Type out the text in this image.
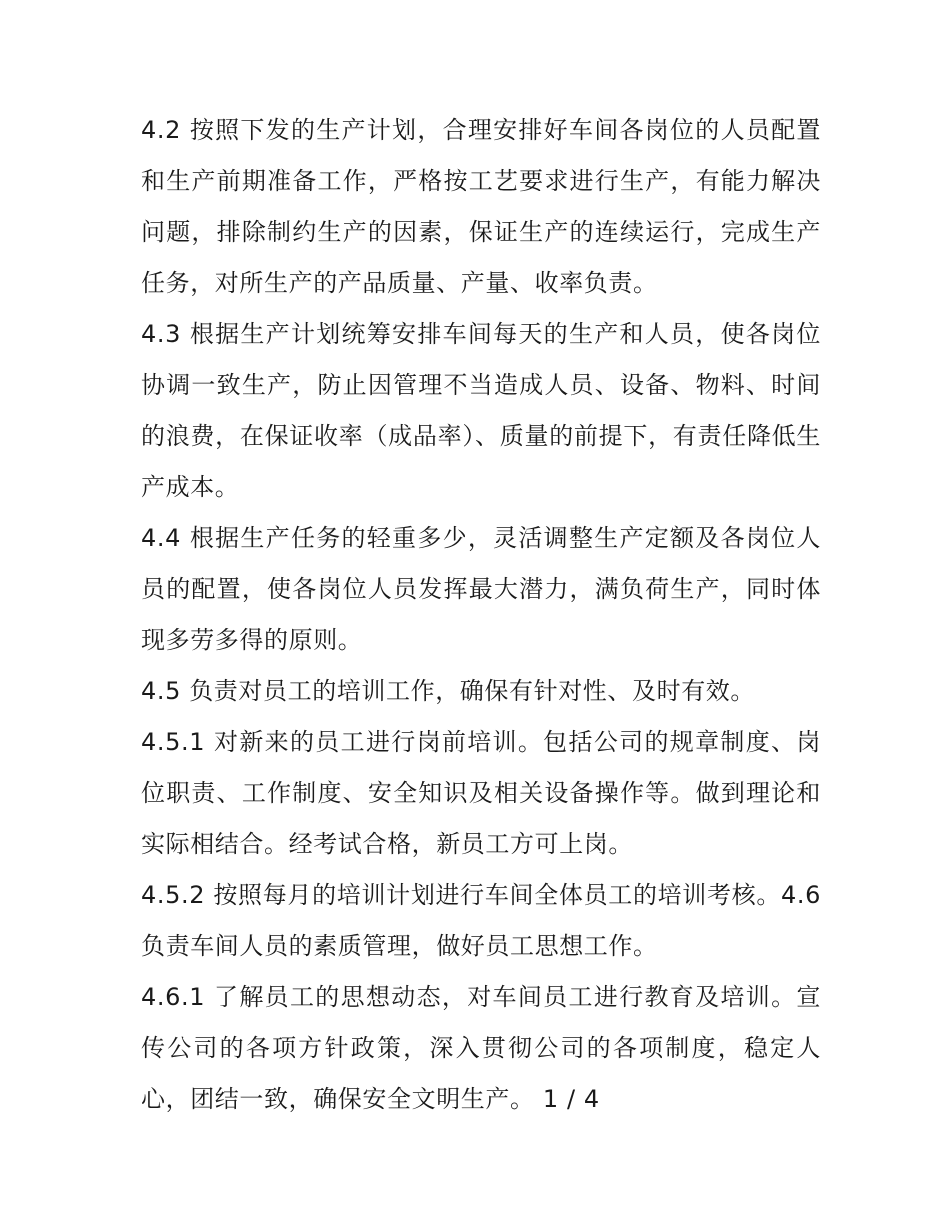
4.2 按照下发的生产计划，合理安排好车间各岗位的人员配置和生产前期准备工作，严格按工艺要求进行生产，有能力解决问题，排除制约生产的因素，保证生产的连续运行，完成生产任务，对所生产的产品质量、产量、收率负责。

4.3 根据生产计划统筹安排车间每天的生产和人员，使各岗位协调一致生产，防止因管理不当造成人员、设备、物料、时间的浪费，在保证收率（成品率）、质量的前提下，有责任降低生产成本。

4.4 根据生产任务的轻重多少，灵活调整生产定额及各岗位人员的配置，使各岗位人员发挥最大潜力，满负荷生产，同时体现多劳多得的原则。

4.5 负责对员工的培训工作，确保有针对性、及时有效。

4.5.1 对新来的员工进行岗前培训。包括公司的规章制度、岗位职责、工作制度、安全知识及相关设备操作等。做到理论和实际相结合。经考试合格，新员工方可上岗。

4.5.2 按照每月的培训计划进行车间全体员工的培训考核。4.6 负责车间人员的素质管理，做好员工思想工作。

4.6.1 了解员工的思想动态，对车间员工进行教育及培训。宣传公司的各项方针政策，深入贯彻公司的各项制度，稳定人心，团结一致，确保安全文明生产。 1 / 4
